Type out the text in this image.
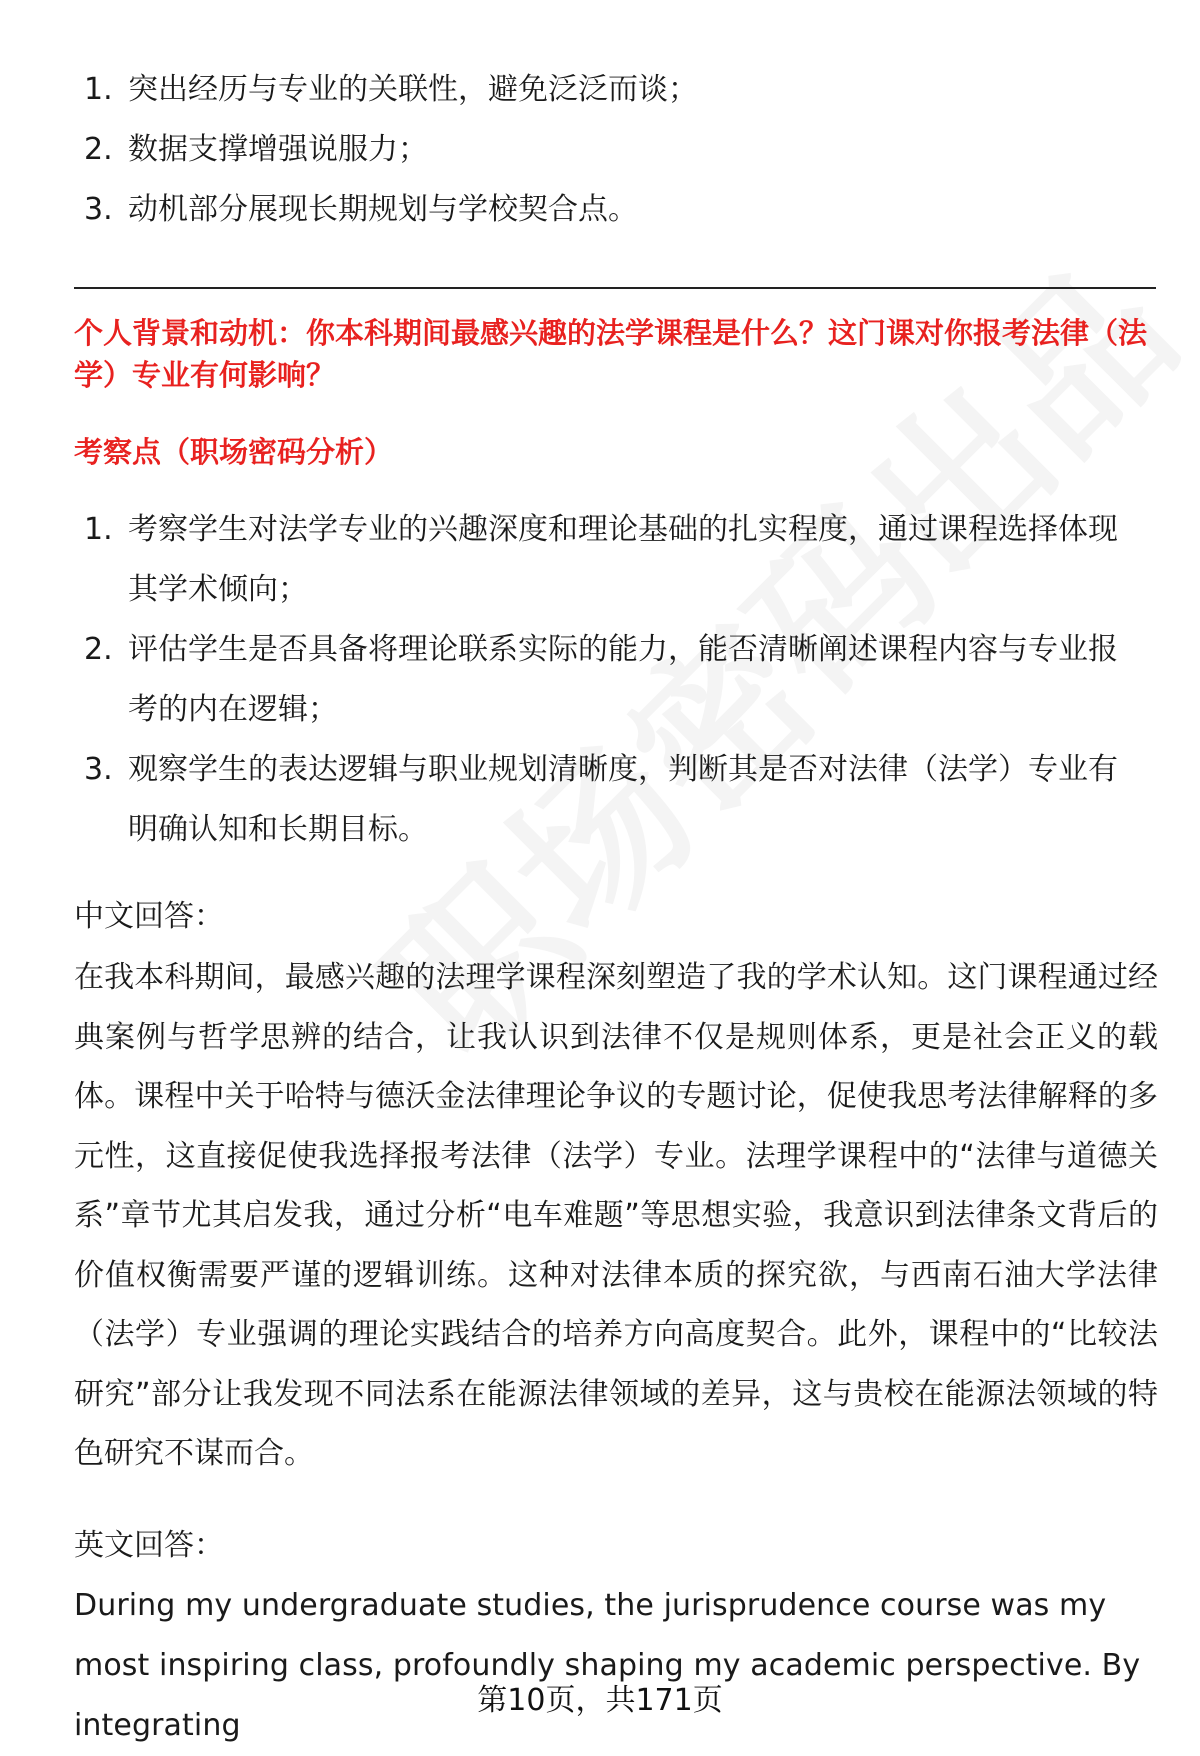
1. 突出经历与专业的关联性，避免泛泛而谈；
2. 数据支撑增强说服力；
3. 动机部分展现长期规划与学校契合点。
个人背景和动机：你本科期间最感兴趣的法学课程是什么？这门课对你报考法律（法学）专业有何影响？
考察点（职场密码分析）
1. 考察学生对法学专业的兴趣深度和理论基础的扎实程度，通过课程选择体现其学术倾向；
2. 评估学生是否具备将理论联系实际的能力，能否清晰阐述课程内容与专业报考的内在逻辑；
3. 观察学生的表达逻辑与职业规划清晰度，判断其是否对法律（法学）专业有明确认知和长期目标。
中文回答：

在我本科期间，最感兴趣的法理学课程深刻塑造了我的学术认知。这门课程通过经典案例与哲学思辨的结合，让我认识到法律不仅是规则体系，更是社会正义的载体。课程中关于哈特与德沃金法律理论争议的专题讨论，促使我思考法律解释的多元性，这直接促使我选择报考法律（法学）专业。法理学课程中的“法律与道德关系”章节尤其启发我，通过分析“电车难题”等思想实验，我意识到法律条文背后的价值权衡需要严谨的逻辑训练。这种对法律本质的探究欲，与西南石油大学法律（法学）专业强调的理论实践结合的培养方向高度契合。此外，课程中的“比较法研究”部分让我发现不同法系在能源法律领域的差异，这与贵校在能源法领域的特色研究不谋而合。

英文回答：

During my undergraduate studies, the jurisprudence course was my most inspiring class, profoundly shaping my academic perspective. By integrating

第10页，共171页
